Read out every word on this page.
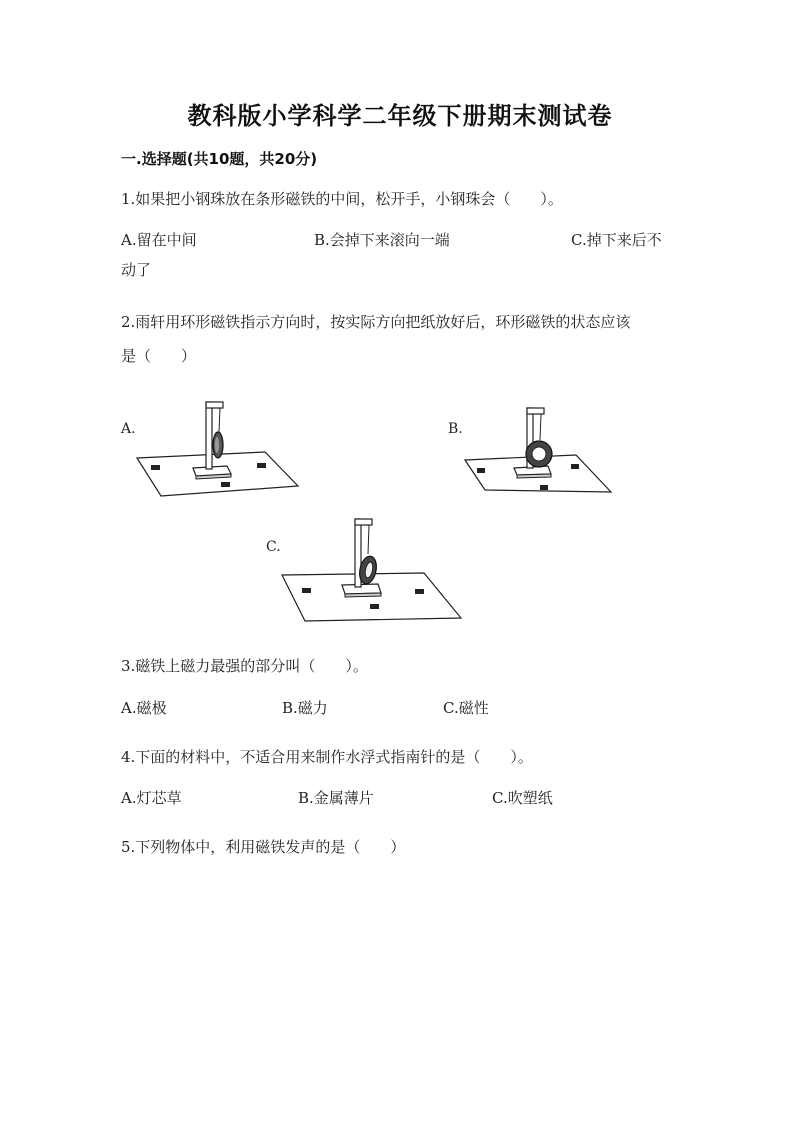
教科版小学科学二年级下册期末测试卷
一.选择题(共10题，共20分)
1.如果把小钢珠放在条形磁铁的中间，松开手，小钢珠会（　　）。
A.留在中间	B.会掉下来滚向一端	C.掉下来后不
动了
2.雨轩用环形磁铁指示方向时，按实际方向把纸放好后，环形磁铁的状态应该
是（　　）
A.	B.
C.
3.磁铁上磁力最强的部分叫（　　）。
A.磁极	B.磁力	C.磁性
4.下面的材料中，不适合用来制作水浮式指南针的是（　　）。
A.灯芯草	B.金属薄片	C.吹塑纸
5.下列物体中，利用磁铁发声的是（　　）
